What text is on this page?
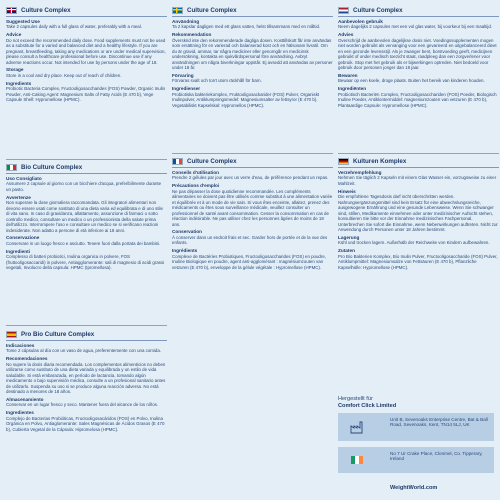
Culture Complex
Suggested Use

Take 2 capsules daily with a full glass of water, preferably with a meal.

Advice

Do not exceed the recommended daily dose. Food supplements must not be used as a substitute for a varied and balanced diet and a healthy lifestyle. If you are pregnant, breastfeeding, taking any medications or are under medical supervision, please consult a healthcare professional before use. Discontinue use if any adverse reactions occur. Not intended for use by persons under the age of 18.

Storage

Store in a cool and dry place. Keep out of reach of children.

Ingredients

Probiotic Bacteria Complex, Fructooligosaccharides (FOS) Powder, Organic Inulin Powder, Anti-Caking Agent: Magnesium Salts of Fatty Acids (E 470 b), Vege Capsule Shell: Hypromellose (HPMC).

Bio Culture Complex
Uso Consigliato

Assumere 2 capsule al giorno con un bicchiere d'acqua, preferibilmente durante un pasto.

Avvertenze

Non superare la dose giornaliera raccomandata. Gli integratori alimentari non devono essere usati come sostituto di una dieta varia ed equilibrata e di uno stile di vita sano. In caso di gravidanza, allattamento, assunzione di farmaci o sotto controllo medico, consultare un medico o un professionista della salute prima dell'utilizzo. Interrompere l'uso e consultare un medico se si verificano reazioni indesiderate. Non adatto a persone di età inferiore ai 18 anni.

Conservazione

Conservare in un luogo fresco e asciutto. Tenere fuori dalla portata dei bambini.

Ingredienti

Complesso di batteri probiotici, Inulina organica in polvere, FOS (fruttooligosaccaridi) in polvere, Antiagglomerante: sali di magnesio di acidi grassi vegetali, Involucro della capsula: HPMC (Ipromellosa).

Pro Bio Culture Complex
Indicaciones

Tome 2 cápsulas al día con un vaso de agua, preferentemente con una comida.

Recomendaciones

No supere la dosis diaria recomendada. Los complementos alimenticios no deben utilizarse como sustituto de una dieta variada y equilibrada y un estilo de vida saludable. Si está embarazada, en período de lactancia, tomando algún medicamento o bajo supervisión médica, consulte a un profesional sanitario antes de utilizarlo. Suspenda su uso si se produce alguna reacción adversa. No está destinado a menores de 18 años.

Almacenamiento

Conservar en un lugar fresco y seco. Mantener fuera del alcance de los niños.

Ingredientes

Complejo de Bacterias Probióticas, Fructooligosacáridos (FOS) en Polvo, Inulina Orgánica en Polvo, Antiaglomerante: Sales Magnésicas de Ácidos Grasos (E 470 b), Cubierta Vegetal de la Cápsula: Hipromelosa (HPMC).

Culture Complex
Användning

Ta 2 kapslar dagligen med ett glass vatten, helst tillsammans med en måltid.

Rekommendation

Överskrid inte den rekommenderade dagliga dosen. Kosttillskott får inte användas som ersättning för en varierad och balanserad kost och en hälsosam livsstil. Om du är gravid, ammar, tar några mediciner eller genomgår en medicinsk undersökning, kontakta en sjukvårdspersonal före användning. Avbryt användningen om några biverkningar uppstår. Ej avsedd att användas av personer under 18 år.

Förvaring

Förvaras svalt och torrt utom räckhåll för barn.

Ingredienser

Probiotiska bakteriekomplex, Fruktooligosackarider (FOS) Pulver, Organiskt Inulinpulver, Antiklumpningsmedel: Magnesiumsalter av fettsyror (E 470 b), Vegetabiliskt Kapselskal: Hypromellos (HPMC).

Culture Complex
Conseils d'utilisation

Prendre 2 gélules par jour avec un verre d'eau, de préférence pendant un repas.

Précautions d'emploi

Ne pas dépasser la dose quotidienne recommandée. Les compléments alimentaires ne doivent pas être utilisés comme substitut à une alimentation variée et équilibrée et à un mode de vie sain. Si vous êtes enceinte, allaitez, prenez des médicaments ou êtes sous surveillance médicale, veuillez consulter un professionnel de santé avant consommation. Cesser la consommation en cas de réaction indésirable. Ne pas utiliser chez les personnes âgées de moins de 18 ans.

Conservation

À conserver dans un endroit frais et sec. Garder hors de portée et de la vue des enfants.

Ingrédients

Complexe de Bactéries Probiotiques, Fructooligosaccharides (FOS) en poudre, Inuline Biologique en poudre, agent anti-agglomérant : magnésiumzouten van vetzuren (E 470 b), enveloppe de la gélule végétale : Hypromellose (HPMC).

Culture Complex
Aanbevolen gebruik

Neem dagelijks 2 capsules met een vol glas water, bij voorkeur bij een maaltijd.

Advies

Overschrijd de aanbevolen dagelijkse dosis niet. Voedingssupplementen mogen niet worden gebruikt als vervanging voor een gevarieerd en uitgebalanceerd dieet en een gezonde levensstijl. Als je zwanger bent, borstvoeding geeft, medicijnen gebruikt of onder medisch toezicht staat, raadpleeg dan een zorgverlener voor gebruik. Stop met het gebruik als er bijwerkingen optreden. Niet bedoeld voor gebruik door personen jonger dan 18 jaar.

Bewaren

Bewaar op een koele, droge plaats. Buiten het bereik van kinderen houden.

Ingrediënten

Probiotisch Bacteriën Complex, Fructooligosacchariden (FOS) Poeder, Biologisch Inuline Poeder, Antiklontermiddel: magnesiumzouten van vetzuren (E 470 b), Plantaardige Capsule: Hypromellose (HPMC).

Kulturen Komplex
Verzehrempfehlung

Nehmen Sie täglich 2 Kapseln mit einem Glas Wasser ein, vorzugsweise zu einer Mahlzeit.

Hinweis

Die empfohlene Tagesdosis darf nicht überschritten werden. Nahrungsergänzungsmittel sind kein Ersatz für eine abwechslungsreiche, ausgewogene Ernährung und eine gesunde Lebensweise. Wenn Sie schwanger sind, stillen, Medikamente einnehmen oder unter medizinischer Aufsicht stehen, konsultieren Sie bitte vor der Einnahme medizinisches Fachpersonal. Unterbrechen Sie sofort die Einnahme, wenn Nebenwirkungen auftreten. Nicht zur Anwendung durch Personen unter 18 Jahren bestimmt.

Lagerung

Kühl und trocken lagern. Außerhalb der Reichweite von Kindern aufbewahren.

Zutaten

Pro Bio Bakterien Komplex, Bio Inulin Pulver, Fructooligosaccharide (FOS) Pulver, Antiklumpmittel: Magnesiumsalze von Fettsäuren (E 470 b), Pflanzliche Kapselhülle: Hypromellose (HPMC).

Hergestellt für
Comfort Click Limited
Unit B, Sevenoaks Enterprise Centre, Bat & Ball Road, Sevenoaks, Kent, TN14 5LJ, UK
No 7 Ur Crake Place, Clonmel, Co. Tipperary, Ireland
WeightWorld.com
